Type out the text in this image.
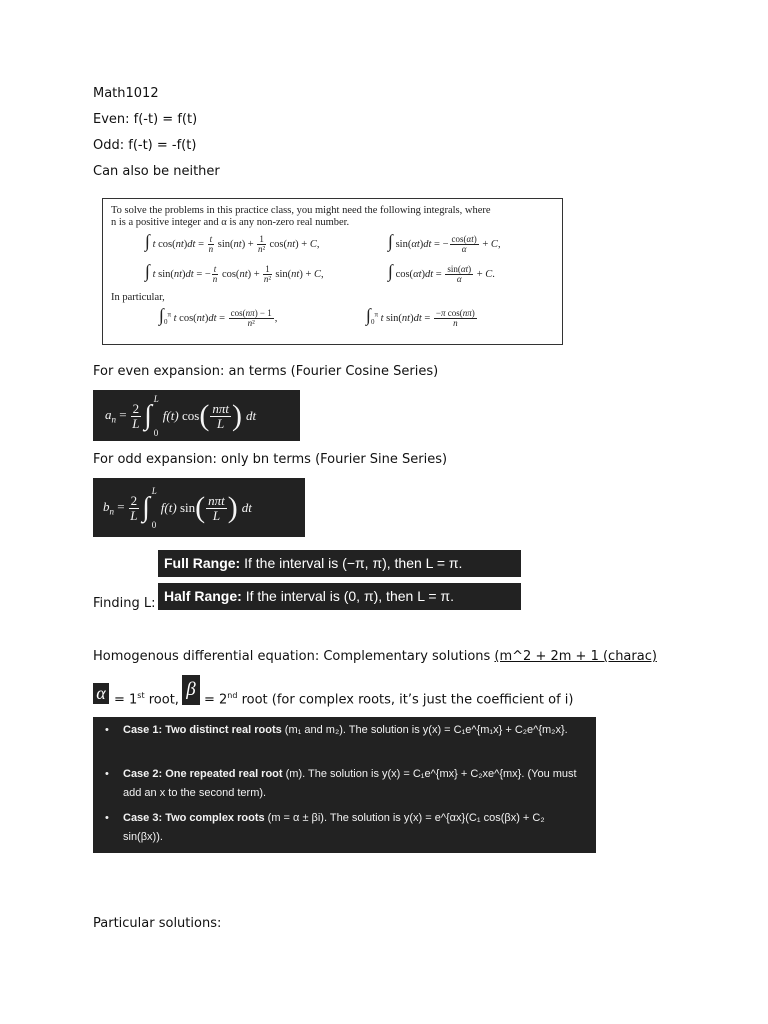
Math1012
Even: f(-t) = f(t)
Odd: f(-t) = -f(t)
Can also be neither
To solve the problems in this practice class, you might need the following integrals, where
n is a positive integer and α is any non-zero real number.
∫ t $\cos(nt)dt = \frac{t}{n} \sin(nt) + \frac{1}{\text{n²}} \cos(nt) + C$,	∫ sin(αt)dt = − $\frac{\cos(\alpha t)}{\alpha} + C$,
∫ t sin(nt)dt = − $\frac{t}{n} \cos(nt) + \frac{1}{\text{n²}} \sin(nt) + C$,	∫ $\cos(\alpha t)dt = \frac{\sin(\alpha t)}{\alpha} + C$.
In particular,
$\int_0^\pi$ t $\cos(nt)dt = \frac{\cos(n\pi) - 1}{\text{n²}}$ ,	$\int_0^\pi$ t $\sin(nt)dt = \frac{\text{−π cos(nπ)}}{n}$
For even expansion: an terms (Fourier Cosine Series)
$a_n = \frac{2}{L}$ ∫
L
0
f(t) cos ( $\frac{\text{nπt}}{L}$ ) dt
For odd expansion: only bn terms (Fourier Sine Series)
$b_n = \frac{2}{L}$ ∫
L
0
f(t) sin ( $\frac{\text{nπt}}{L}$ ) dt
Full Range: If the interval is (−π, π), then L = π.
Finding L: Half Range: If the interval is (0, π), then L = π.
Homogenous differential equation: Complementary solutions (m^2 + 2m + 1 (charac)
α = 1st root, β = 2nd root (for complex roots, it’s just the coefficient of i)
• Case 1: Two distinct real roots (m₁ and m₂). The solution is y(x) = C₁e^{m₁x} + C₂e^{m₂x}.
• Case 2: One repeated real root (m). The solution is y(x) = C₁e^{mx} + C₂xe^{mx}. (You must add an x to the second term).
• Case 3: Two complex roots (m = α ± βi). The solution is y(x) = e^{αx}(C₁ cos(βx) + C₂ sin(βx)).
Particular solutions:
